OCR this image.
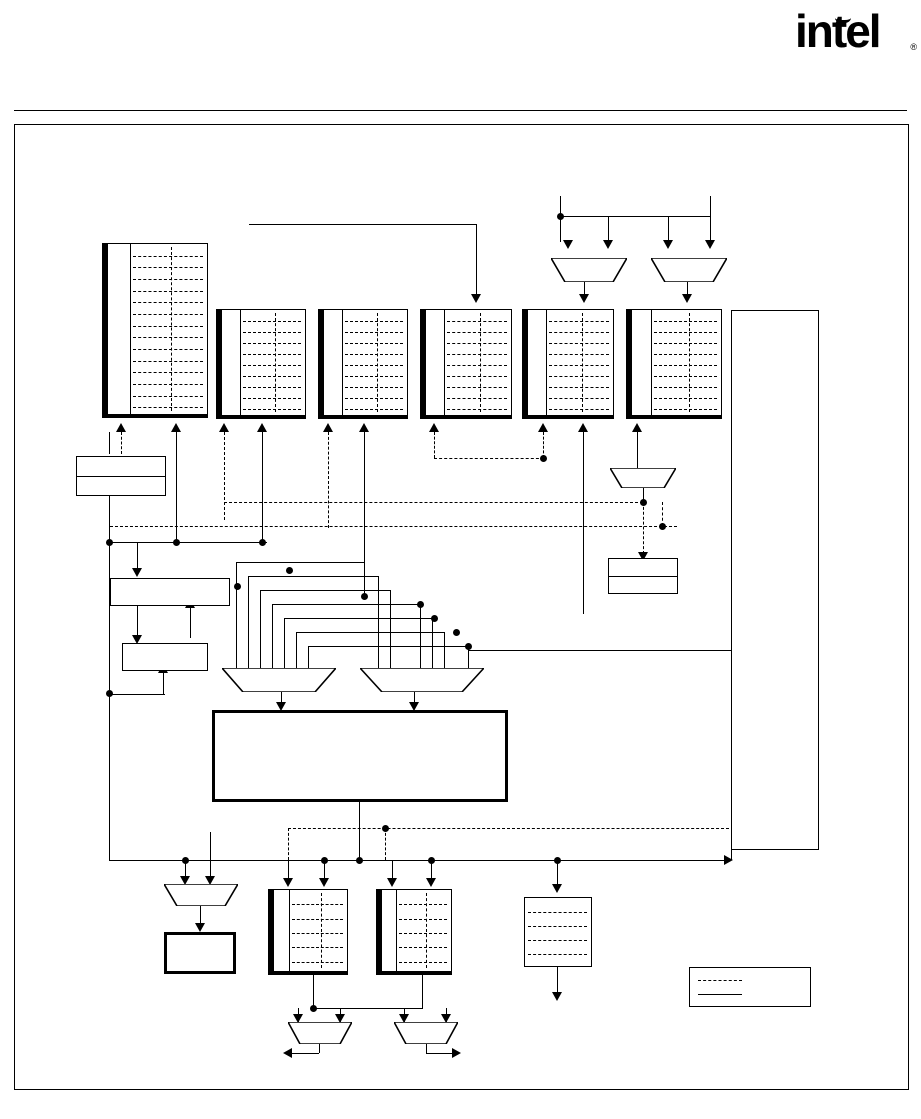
intel	®
